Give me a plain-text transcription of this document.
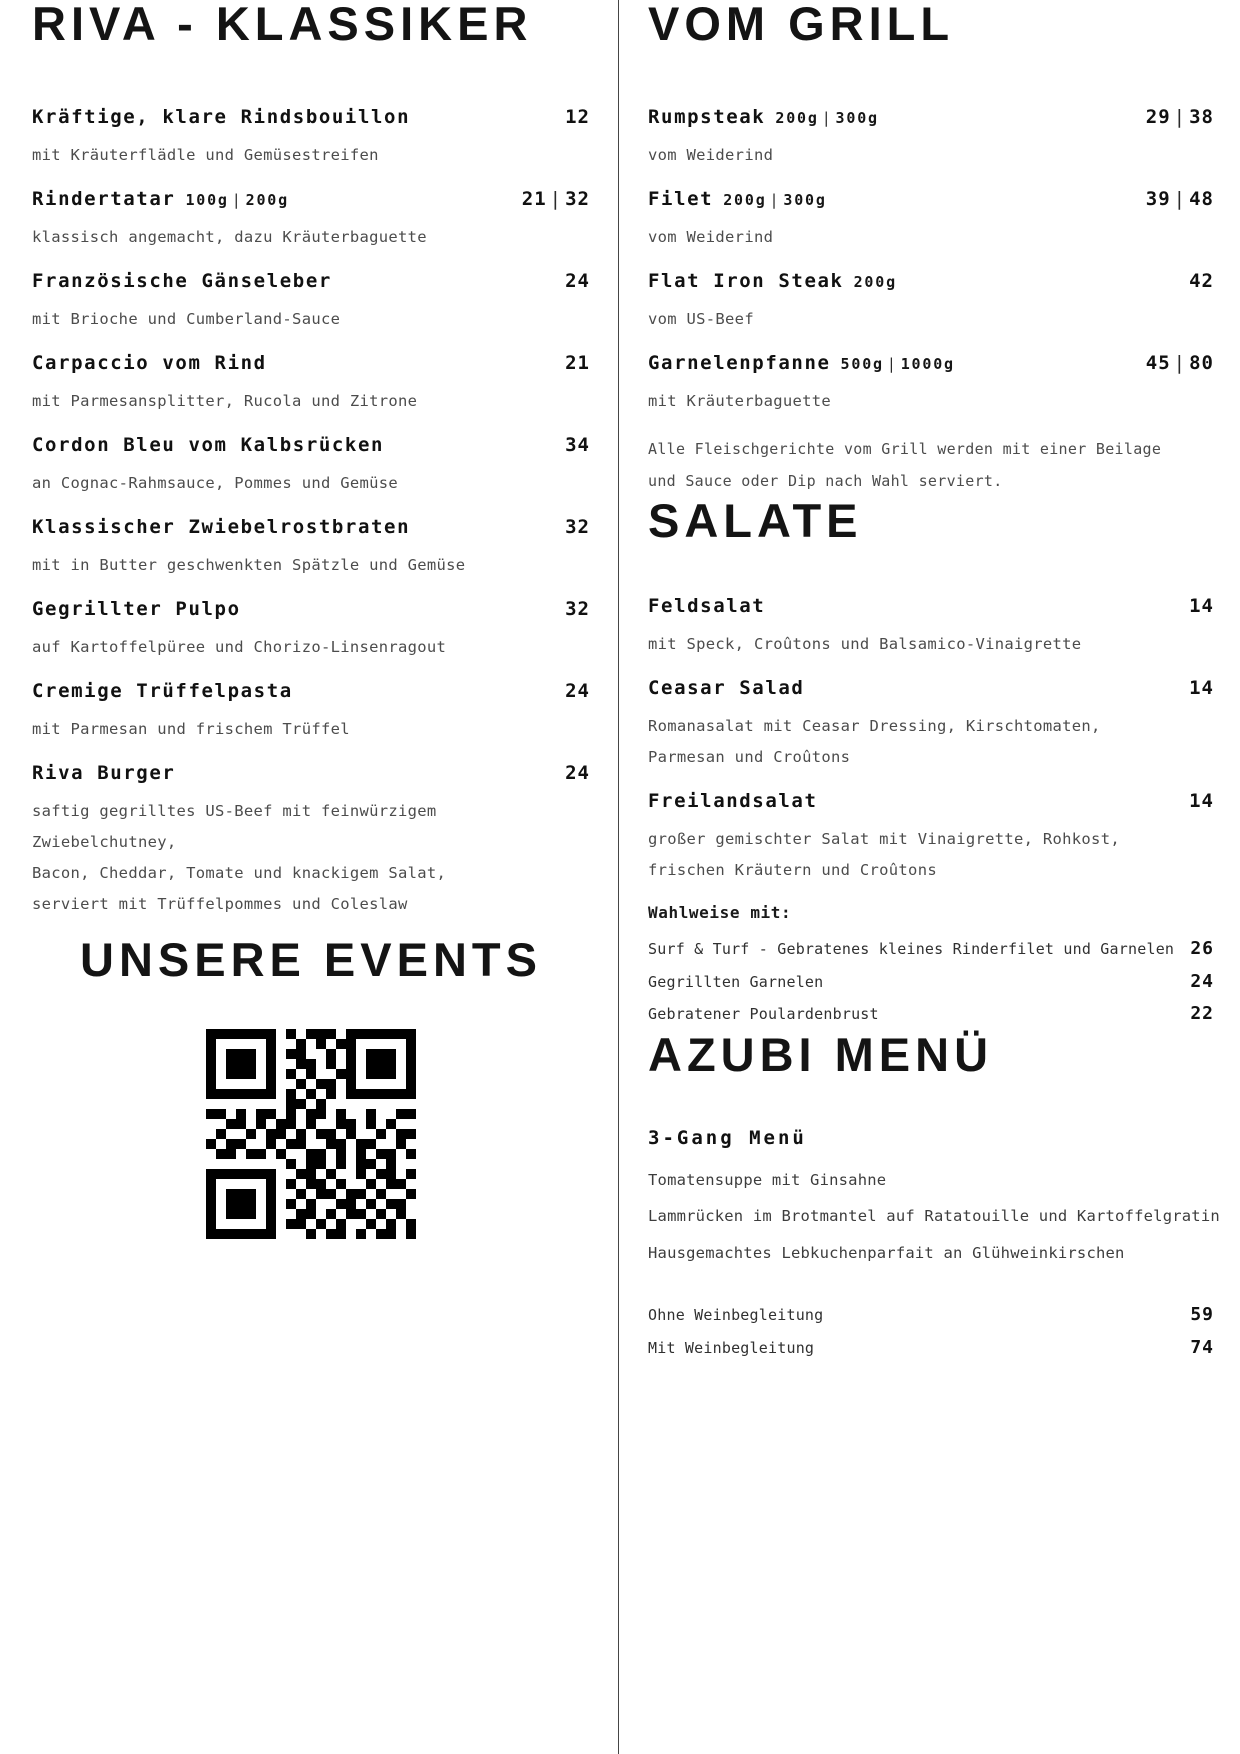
RIVA - KLASSIKER
Kräftige, klare Rindsbouillon	12
mit Kräuterflädle und Gemüsestreifen
Rindertatar 100g | 200g	21 | 32
klassisch angemacht, dazu Kräuterbaguette
Französische Gänseleber	24
mit Brioche und Cumberland-Sauce
Carpaccio vom Rind	21
mit Parmesansplitter, Rucola und Zitrone
Cordon Bleu vom Kalbsrücken	34
an Cognac-Rahmsauce, Pommes und Gemüse
Klassischer Zwiebelrostbraten	32
mit in Butter geschwenkten Spätzle und Gemüse
Gegrillter Pulpo	32
auf Kartoffelpüree und Chorizo-Linsenragout
Cremige Trüffelpasta	24
mit Parmesan und frischem Trüffel
Riva Burger	24
saftig gegrilltes US-Beef mit feinwürzigem Zwiebelchutney,
Bacon, Cheddar, Tomate und knackigem Salat,
serviert mit Trüffelpommes und Coleslaw
UNSERE EVENTS
VOM GRILL
Rumpsteak 200g | 300g	29 | 38
vom Weiderind
Filet 200g | 300g	39 | 48
vom Weiderind
Flat Iron Steak 200g	42
vom US-Beef
Garnelenpfanne 500g | 1000g	45 | 80
mit Kräuterbaguette
Alle Fleischgerichte vom Grill werden mit einer Beilage
und Sauce oder Dip nach Wahl serviert.
SALATE
Feldsalat	14
mit Speck, Croûtons und Balsamico-Vinaigrette
Ceasar Salad	14
Romanasalat mit Ceasar Dressing, Kirschtomaten,
Parmesan und Croûtons
Freilandsalat	14
großer gemischter Salat mit Vinaigrette, Rohkost,
frischen Kräutern und Croûtons
Wahlweise mit:
Surf & Turf - Gebratenes kleines Rinderfilet und Garnelen 26
Gegrillten Garnelen	24
Gebratener Poulardenbrust	22
AZUBI MENÜ
3-Gang Menü
Tomatensuppe mit Ginsahne
Lammrücken im Brotmantel auf Ratatouille und Kartoffelgratin
Hausgemachtes Lebkuchenparfait an Glühweinkirschen
Ohne Weinbegleitung	59
Mit Weinbegleitung	74
